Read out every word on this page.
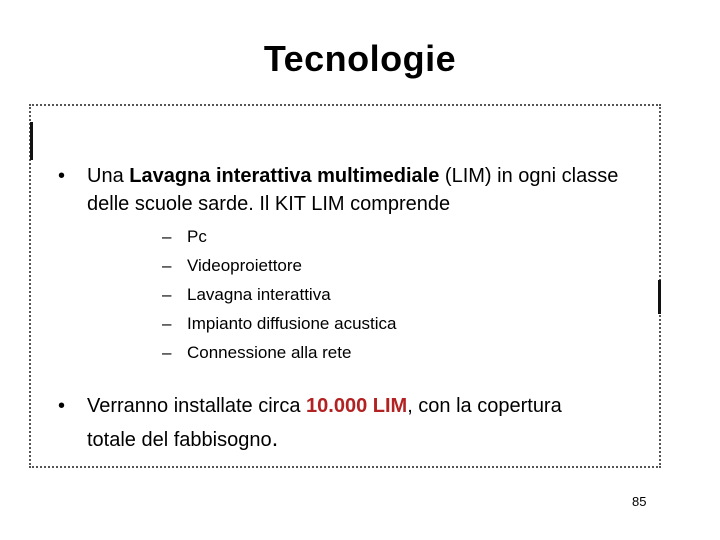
Tecnologie
• Una Lavagna interattiva multimediale (LIM) in ogni classe delle scuole sarde. Il KIT LIM comprende
– Pc
– Videoproiettore
– Lavagna interattiva
– Impianto diffusione acustica
– Connessione alla rete
• Verranno installate circa 10.000 LIM, con la copertura
totale del fabbisogno.
85
